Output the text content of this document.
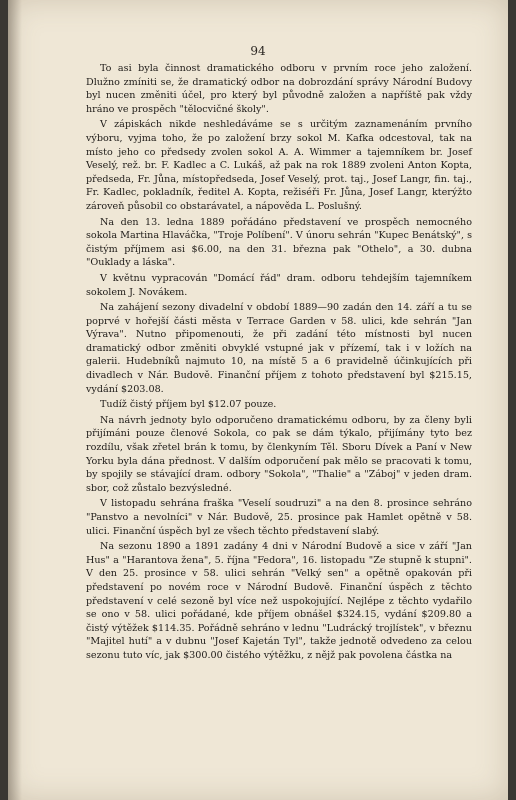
94

To asi byla činnost dramatického odboru v prvním roce jeho založení. Dlužno zmíniti se, že dramatický odbor na dobrozdání správy Národní Budovy byl nucen změniti účel, pro který byl původně založen a napříště pak vždy hráno ve prospěch "tělocvičné školy".

V zápiskách nikde neshledáváme se s určitým zaznamenáním prvního výboru, vyjma toho, že po založení brzy sokol M. Kafka odcestoval, tak na místo jeho co předsedy zvolen sokol A. A. Wimmer a tajemníkem br. Josef Veselý, rež. br. F. Kadlec a C. Lukáš, až pak na rok 1889 zvoleni Anton Kopta, předseda, Fr. Jůna, místopředseda, Josef Veselý, prot. taj., Josef Langr, fin. taj., Fr. Kadlec, pokladník, ředitel A. Kopta, režiséři Fr. Jůna, Josef Langr, kterýžto zároveň působil co obstarávatel, a nápověda L. Poslušný.

Na den 13. ledna 1889 pořádáno představení ve prospěch nemocného sokola Martina Hlaváčka, "Troje Políbení". V únoru sehrán "Kupec Benátský", s čistým příjmem asi $6.00, na den 31. března pak "Othelo", a 30. dubna "Ouklady a láska".

V květnu vypracován "Domácí řád" dram. odboru tehdejším tajemníkem sokolem J. Novákem.

Na zahájení sezony divadelní v období 1889—90 zadán den 14. září a tu se poprvé v hořejší části města v Terrace Garden v 58. ulici, kde sehrán "Jan Výrava". Nutno připomenouti, že při zadání této místnosti byl nucen dramatický odbor změniti obvyklé vstupné jak v přízemí, tak i v ložích na galerii. Hudebníků najmuto 10, na místě 5 a 6 pravidelně účinkujících při divadlech v Nár. Budově. Finanční příjem z tohoto představení byl $215.15, vydání $203.08.

Tudíž čistý příjem byl $12.07 pouze.

Na návrh jednoty bylo odporučeno dramatickému odboru, by za členy byli přijímáni pouze členové Sokola, co pak se dám týkalo, přijímány tyto bez rozdílu, však zřetel brán k tomu, by členkyním Těl. Sboru Dívek a Paní v New Yorku byla dána přednost. V dalším odporučení pak mělo se pracovati k tomu, by spojily se stávající dram. odbory "Sokola", "Thalie" a "Záboj" v jeden dram. sbor, což zůstalo bezvýsledné.

V listopadu sehrána fraška "Veselí soudruzi" a na den 8. prosince sehráno "Panstvo a nevolníci" v Nár. Budově, 25. prosince pak Hamlet opětně v 58. ulici. Finanční úspěch byl ze všech těchto představení slabý.

Na sezonu 1890 a 1891 zadány 4 dni v Národní Budově a sice v září "Jan Hus" a "Harantova žena", 5. října "Fedora", 16. listopadu "Ze stupně k stupni". V den 25. prosince v 58. ulici sehrán "Velký sen" a opětně opakován při představení po novém roce v Národní Budově. Finanční úspěch z těchto představení v celé sezoně byl více než uspokojující. Nejlépe z těchto vydařilo se ono v 58. ulici pořádané, kde příjem obnášel $324.15, vydání $209.80 a čistý výtěžek $114.35. Pořádně sehráno v lednu "Ludrácký trojlístek", v březnu "Majitel hutí" a v dubnu "Josef Kajetán Tyl", takže jednotě odvedeno za celou sezonu tuto víc, jak $300.00 čistého výtěžku, z nějž pak povolena částka na
